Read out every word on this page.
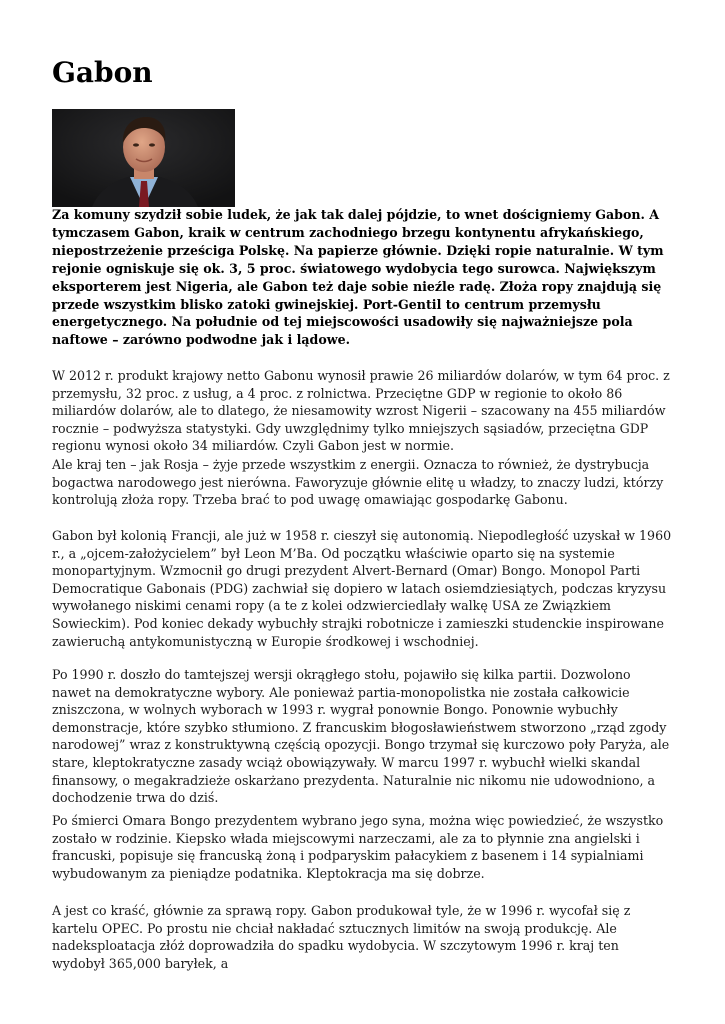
Gabon

Za komuny szydził sobie ludek, że jak tak dalej pójdzie, to wnet dościgniemy Gabon. A tymczasem Gabon, kraik w centrum zachodniego brzegu kontynentu afrykańskiego, niepostrzeżenie prześciga Polskę. Na papierze głównie. Dzięki ropie naturalnie. W tym rejonie ogniskuje się ok. 3, 5 proc. światowego wydobycia tego surowca. Największym eksporterem jest Nigeria, ale Gabon też daje sobie nieźle radę. Złoża ropy znajdują się przede wszystkim blisko zatoki gwinejskiej. Port-Gentil to centrum przemysłu energetycznego. Na południe od tej miejscowości usadowiły się najważniejsze pola naftowe – zarówno podwodne jak i lądowe.

W 2012 r. produkt krajowy netto Gabonu wynosił prawie 26 miliardów dolarów, w tym 64 proc. z przemysłu, 32 proc. z usług, a 4 proc. z rolnictwa. Przeciętne GDP w regionie to około 86 miliardów dolarów, ale to dlatego, że niesamowity wzrost Nigerii – szacowany na 455 miliardów rocznie – podwyższa statystyki. Gdy uwzględnimy tylko mniejszych sąsiadów, przeciętna GDP regionu wynosi około 34 miliardów. Czyli Gabon jest w normie.

Ale kraj ten – jak Rosja – żyje przede wszystkim z energii. Oznacza to również, że dystrybucja bogactwa narodowego jest nierówna. Faworyzuje głównie elitę u władzy, to znaczy ludzi, którzy kontrolują złoża ropy. Trzeba brać to pod uwagę omawiając gospodarkę Gabonu.

Gabon był kolonią Francji, ale już w 1958 r. cieszył się autonomią. Niepodległość uzyskał w 1960 r., a „ojcem-założycielem” był Leon M’Ba. Od początku właściwie oparto się na systemie monopartyjnym. Wzmocnił go drugi prezydent Alvert-Bernard (Omar) Bongo. Monopol Parti Democratique Gabonais (PDG) zachwiał się dopiero w latach osiemdziesiątych, podczas kryzysu wywołanego niskimi cenami ropy (a te z kolei odzwierciedlały walkę USA ze Związkiem Sowieckim). Pod koniec dekady wybuchły strajki robotnicze i zamieszki studenckie inspirowane zawieruchą antykomunistyczną w Europie środkowej i wschodniej.

Po 1990 r. doszło do tamtejszej wersji okrągłego stołu, pojawiło się kilka partii. Dozwolono nawet na demokratyczne wybory. Ale ponieważ partia-monopolistka nie została całkowicie zniszczona, w wolnych wyborach w 1993 r. wygrał ponownie Bongo. Ponownie wybuchły demonstracje, które szybko stłumiono. Z francuskim błogosławieństwem stworzono „rząd zgody narodowej” wraz z konstruktywną częścią opozycji. Bongo trzymał się kurczowo poły Paryża, ale stare, kleptokratyczne zasady wciąż obowiązywały. W marcu 1997 r. wybuchł wielki skandal finansowy, o megakradzieże oskarżano prezydenta. Naturalnie nic nikomu nie udowodniono, a dochodzenie trwa do dziś.

Po śmierci Omara Bongo prezydentem wybrano jego syna, można więc powiedzieć, że wszystko zostało w rodzinie. Kiepsko włada miejscowymi narzeczami, ale za to płynnie zna angielski i francuski, popisuje się francuską żoną i podparyskim pałacykiem z basenem i 14 sypialniami wybudowanym za pieniądze podatnika. Kleptokracja ma się dobrze.

A jest co kraść, głównie za sprawą ropy. Gabon produkował tyle, że w 1996 r. wycofał się z kartelu OPEC. Po prostu nie chciał nakładać sztucznych limitów na swoją produkcję. Ale nadeksploatacja złóż doprowadziła do spadku wydobycia. W szczytowym 1996 r. kraj ten wydobył 365,000 baryłek, a
